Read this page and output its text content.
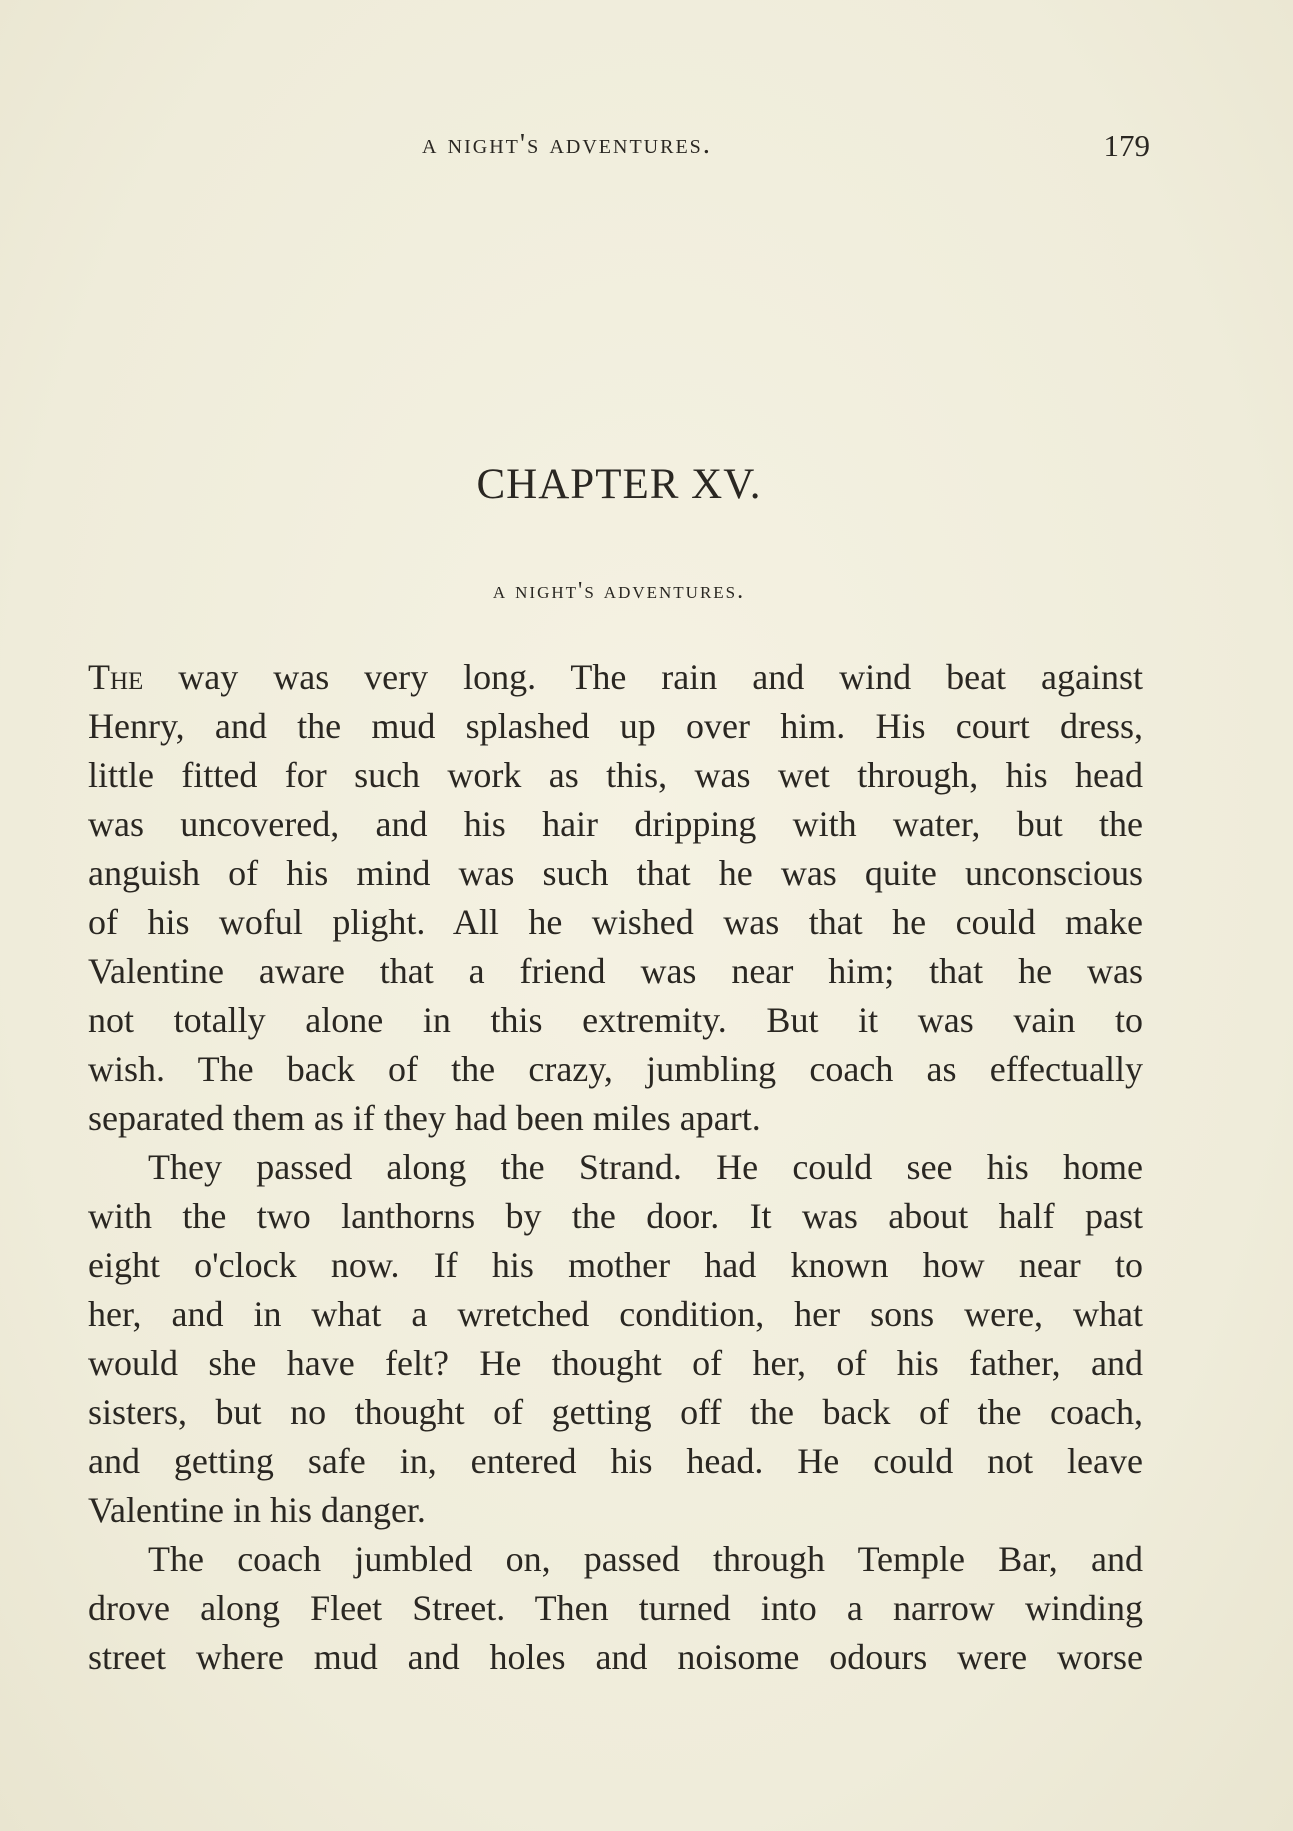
a night's adventures.	179
CHAPTER XV.
a night's adventures.
The way was very long. The rain and wind beat against
Henry, and the mud splashed up over him. His court dress,
little fitted for such work as this, was wet through, his head
was uncovered, and his hair dripping with water, but the
anguish of his mind was such that he was quite unconscious
of his woful plight. All he wished was that he could make
Valentine aware that a friend was near him; that he was
not totally alone in this extremity. But it was vain to
wish. The back of the crazy, jumbling coach as effectually
separated them as if they had been miles apart.
They passed along the Strand. He could see his home
with the two lanthorns by the door. It was about half past
eight o'clock now. If his mother had known how near to
her, and in what a wretched condition, her sons were, what
would she have felt? He thought of her, of his father, and
sisters, but no thought of getting off the back of the coach,
and getting safe in, entered his head. He could not leave
Valentine in his danger.
The coach jumbled on, passed through Temple Bar, and
drove along Fleet Street. Then turned into a narrow winding
street where mud and holes and noisome odours were worse
